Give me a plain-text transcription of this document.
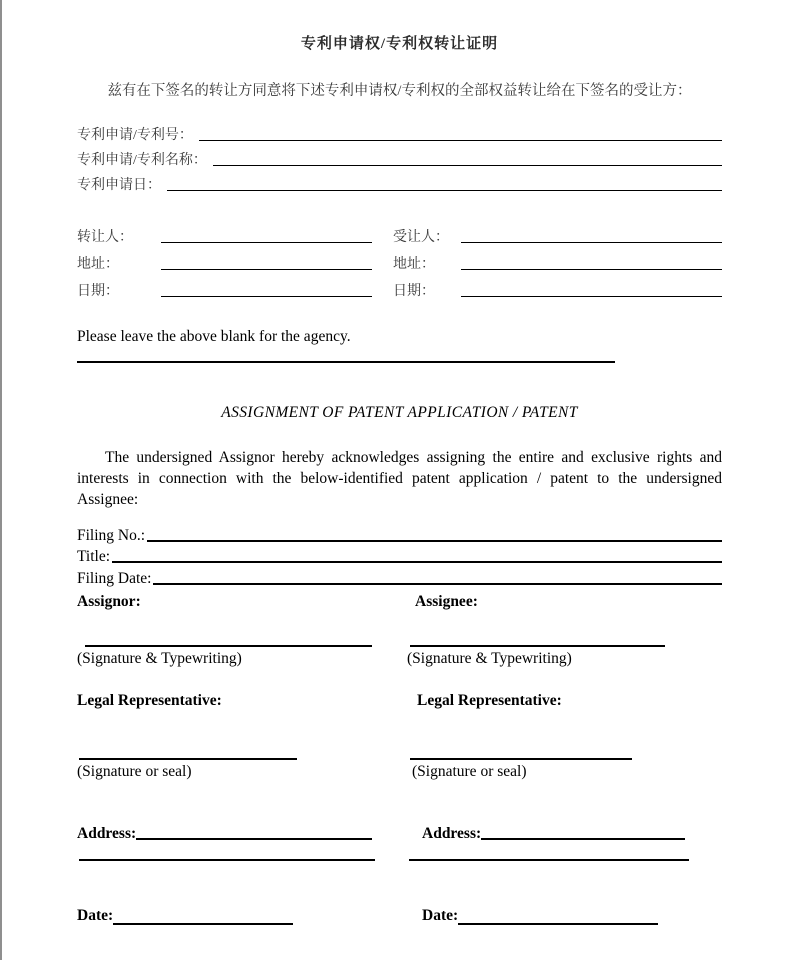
专利申请权/专利权转让证明
兹有在下签名的转让方同意将下述专利申请权/专利权的全部权益转让给在下签名的受让方：
专利申请/专利号：
专利申请/专利名称：
专利申请日：
转让人：
地址：
日期：
受让人：
地址：
日期：
Please leave the above blank for the agency.
ASSIGNMENT OF PATENT APPLICATION / PATENT
The undersigned Assignor hereby acknowledges assigning the entire and exclusive rights and interests in connection with the below-identified patent application / patent to the undersigned Assignee:
Filing No.:
Title:
Filing Date:
Assignor:
(Signature & Typewriting)
Legal Representative:
(Signature or seal)
Address:
Date:
Assignee:
(Signature & Typewriting)
Legal Representative:
(Signature or seal)
Address:
Date:
